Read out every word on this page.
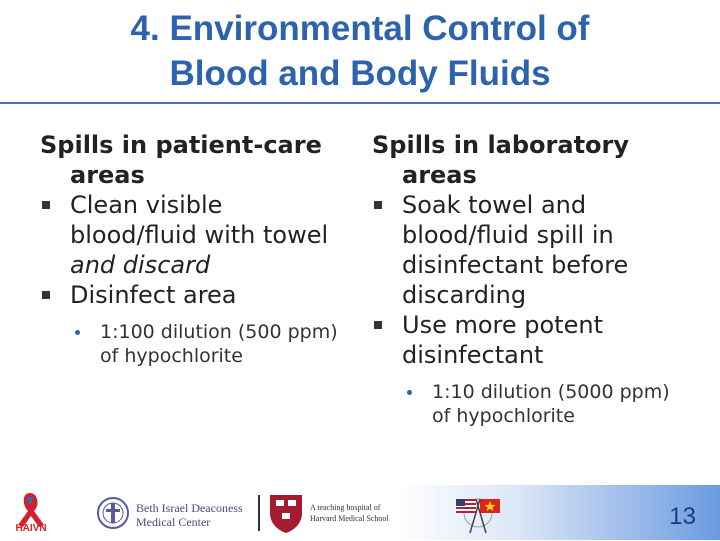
4. Environmental Control of
Blood and Body Fluids

Spills in patient-care areas

Clean visible blood/fluid with towel and discard
Disinfect area
1:100 dilution (500 ppm) of hypochlorite

Spills in laboratory areas

Soak towel and blood/fluid spill in disinfectant before discarding
Use more potent disinfectant
1:10 dilution (5000 ppm) of hypochlorite
HAIVN
Beth Israel Deaconess
Medical Center
A teaching hospital of
Harvard Medical School	13
